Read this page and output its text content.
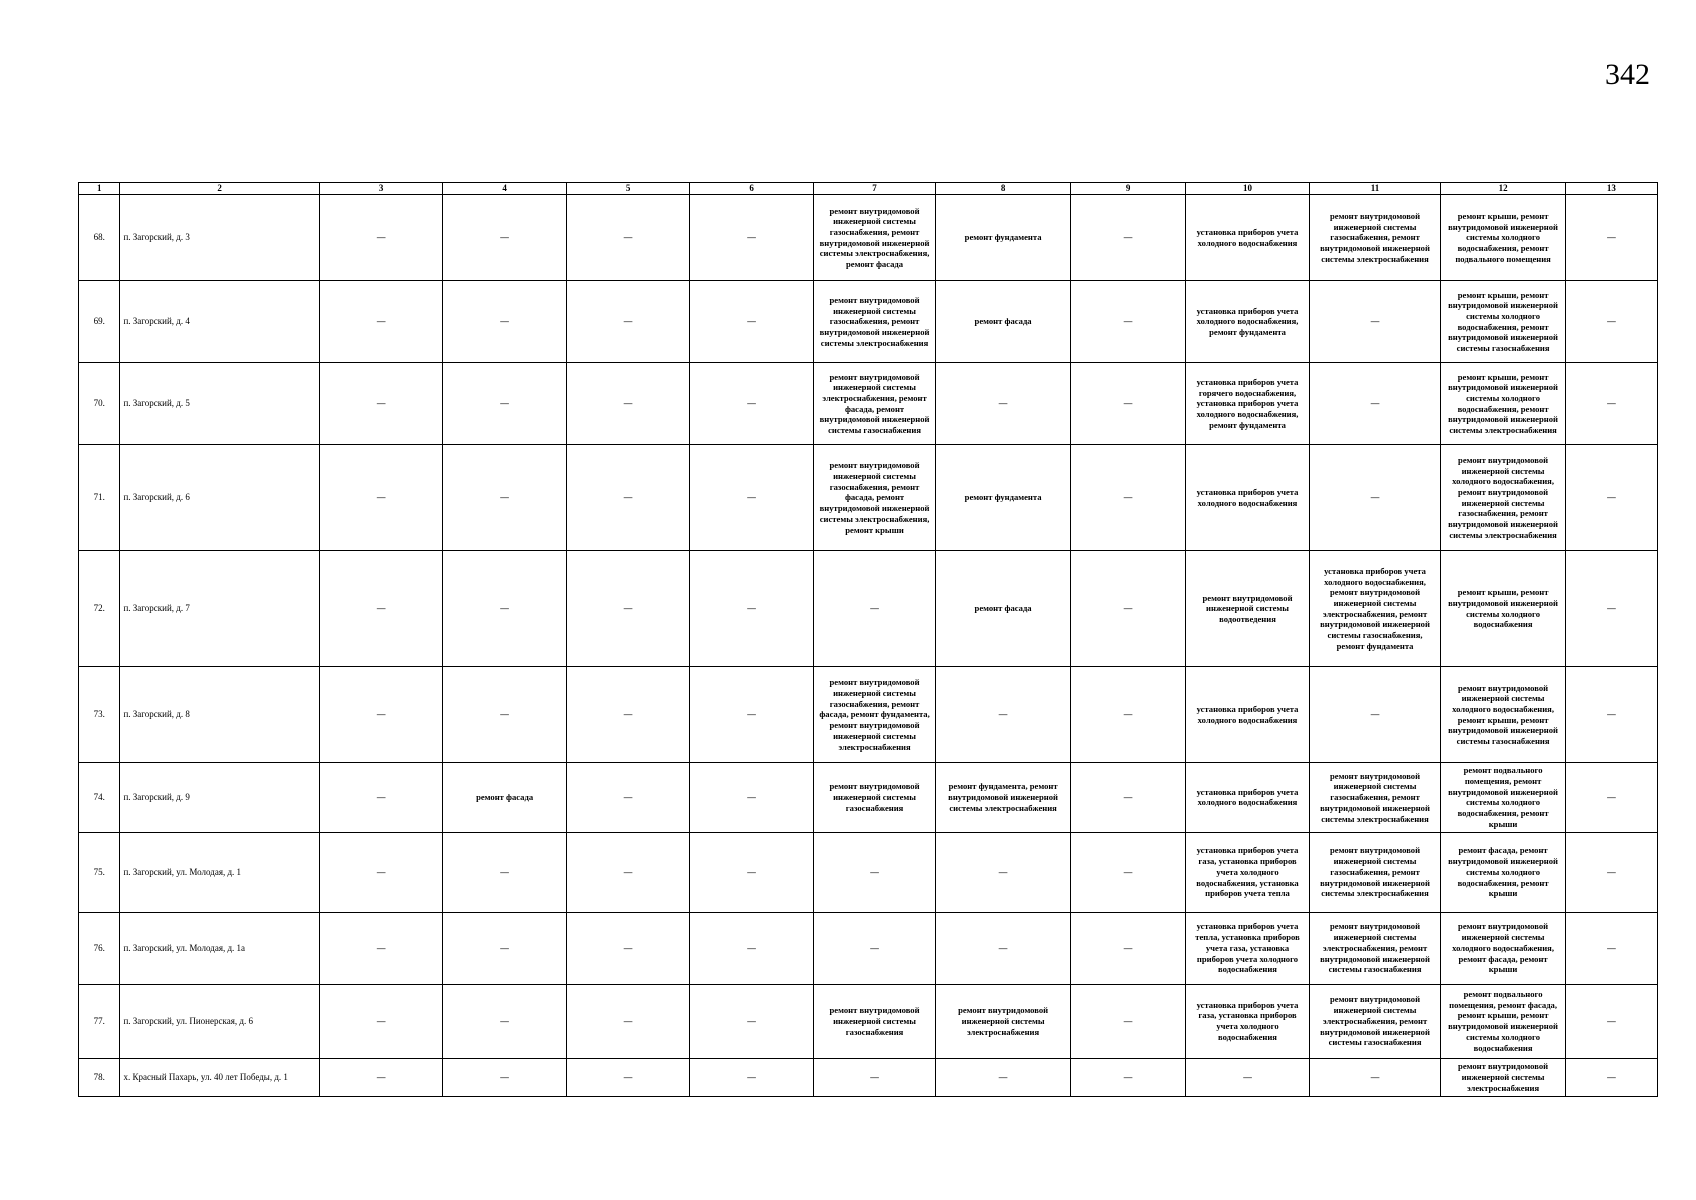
342
1	2	3	4	5	6	7	8	9	10	11	12	13
68.	п. Загорский, д. 3	—	—	—	—	ремонт внутридомовой инженерной системы газоснабжения, ремонт внутридомовой инженерной системы электроснабжения, ремонт фасада	ремонт фундамента	—	установка приборов учета холодного водоснабжения	ремонт внутридомовой инженерной системы газоснабжения, ремонт внутридомовой инженерной системы электроснабжения	ремонт крыши, ремонт внутридомовой инженерной системы холодного водоснабжения, ремонт подвального помещения	—
69.	п. Загорский, д. 4	—	—	—	—	ремонт внутридомовой инженерной системы газоснабжения, ремонт внутридомовой инженерной системы электроснабжения	ремонт фасада	—	установка приборов учета холодного водоснабжения, ремонт фундамента	—	ремонт крыши, ремонт внутридомовой инженерной системы холодного водоснабжения, ремонт внутридомовой инженерной системы газоснабжения	—
70.	п. Загорский, д. 5	—	—	—	—	ремонт внутридомовой инженерной системы электроснабжения, ремонт фасада, ремонт внутридомовой инженерной системы газоснабжения	—	—	установка приборов учета горячего водоснабжения, установка приборов учета холодного водоснабжения, ремонт фундамента	—	ремонт крыши, ремонт внутридомовой инженерной системы холодного водоснабжения, ремонт внутридомовой инженерной системы электроснабжения	—
71.	п. Загорский, д. 6	—	—	—	—	ремонт внутридомовой инженерной системы газоснабжения, ремонт фасада, ремонт внутридомовой инженерной системы электроснабжения, ремонт крыши	ремонт фундамента	—	установка приборов учета холодного водоснабжения	—	ремонт внутридомовой инженерной системы холодного водоснабжения, ремонт внутридомовой инженерной системы газоснабжения, ремонт внутридомовой инженерной системы электроснабжения	—
72.	п. Загорский, д. 7	—	—	—	—	—	ремонт фасада	—	ремонт внутридомовой инженерной системы водоотведения	установка приборов учета холодного водоснабжения, ремонт внутридомовой инженерной системы электроснабжения, ремонт внутридомовой инженерной системы газоснабжения, ремонт фундамента	ремонт крыши, ремонт внутридомовой инженерной системы холодного водоснабжения	—
73.	п. Загорский, д. 8	—	—	—	—	ремонт внутридомовой инженерной системы газоснабжения, ремонт фасада, ремонт фундамента, ремонт внутридомовой инженерной системы электроснабжения	—	—	установка приборов учета холодного водоснабжения	—	ремонт внутридомовой инженерной системы холодного водоснабжения, ремонт крыши, ремонт внутридомовой инженерной системы газоснабжения	—
74.	п. Загорский, д. 9	—	ремонт фасада	—	—	ремонт внутридомовой инженерной системы газоснабжения	ремонт фундамента, ремонт внутридомовой инженерной системы электроснабжения	—	установка приборов учета холодного водоснабжения	ремонт внутридомовой инженерной системы газоснабжения, ремонт внутридомовой инженерной системы электроснабжения	ремонт подвального помещения, ремонт внутридомовой инженерной системы холодного водоснабжения, ремонт крыши	—
75.	п. Загорский, ул. Молодая, д. 1	—	—	—	—	—	—	—	установка приборов учета газа, установка приборов учета холодного водоснабжения, установка приборов учета тепла	ремонт внутридомовой инженерной системы газоснабжения, ремонт внутридомовой инженерной системы электроснабжения	ремонт фасада, ремонт внутридомовой инженерной системы холодного водоснабжения, ремонт крыши	—
76.	п. Загорский, ул. Молодая, д. 1а	—	—	—	—	—	—	—	установка приборов учета тепла, установка приборов учета газа, установка приборов учета холодного водоснабжения	ремонт внутридомовой инженерной системы электроснабжения, ремонт внутридомовой инженерной системы газоснабжения	ремонт внутридомовой инженерной системы холодного водоснабжения, ремонт фасада, ремонт крыши	—
77.	п. Загорский, ул. Пионерская, д. 6	—	—	—	—	ремонт внутридомовой инженерной системы газоснабжения	ремонт внутридомовой инженерной системы электроснабжения	—	установка приборов учета газа, установка приборов учета холодного водоснабжения	ремонт внутридомовой инженерной системы электроснабжения, ремонт внутридомовой инженерной системы газоснабжения	ремонт подвального помещения, ремонт фасада, ремонт крыши, ремонт внутридомовой инженерной системы холодного водоснабжения	—
78.	х. Красный Пахарь, ул. 40 лет Победы, д. 1	—	—	—	—	—	—	—	—	—	ремонт внутридомовой инженерной системы электроснабжения	—
